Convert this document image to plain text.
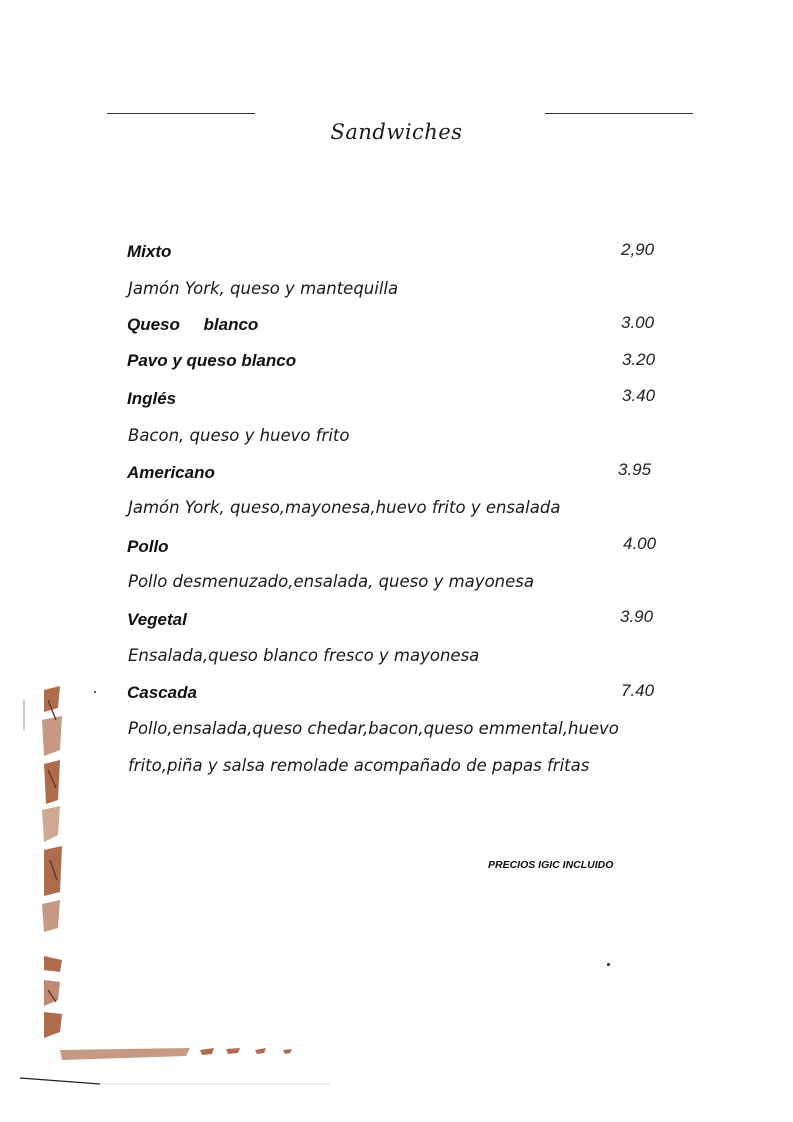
Sandwiches
Mixto	2,90
Jamón York, queso y mantequilla
Queso     blanco	3.00
Pavo y queso blanco	3.20
Inglés	3.40
Bacon, queso y huevo frito
Americano	3.95
Jamón York, queso,mayonesa,huevo frito y ensalada
Pollo	4.00
Pollo desmenuzado,ensalada, queso y mayonesa
Vegetal	3.90
Ensalada,queso blanco fresco y mayonesa
Cascada	7.40
Pollo,ensalada,queso chedar,bacon,queso emmental,huevo
frito,piña y salsa remolade acompañado de papas fritas
PRECIOS IGIC INCLUIDO
